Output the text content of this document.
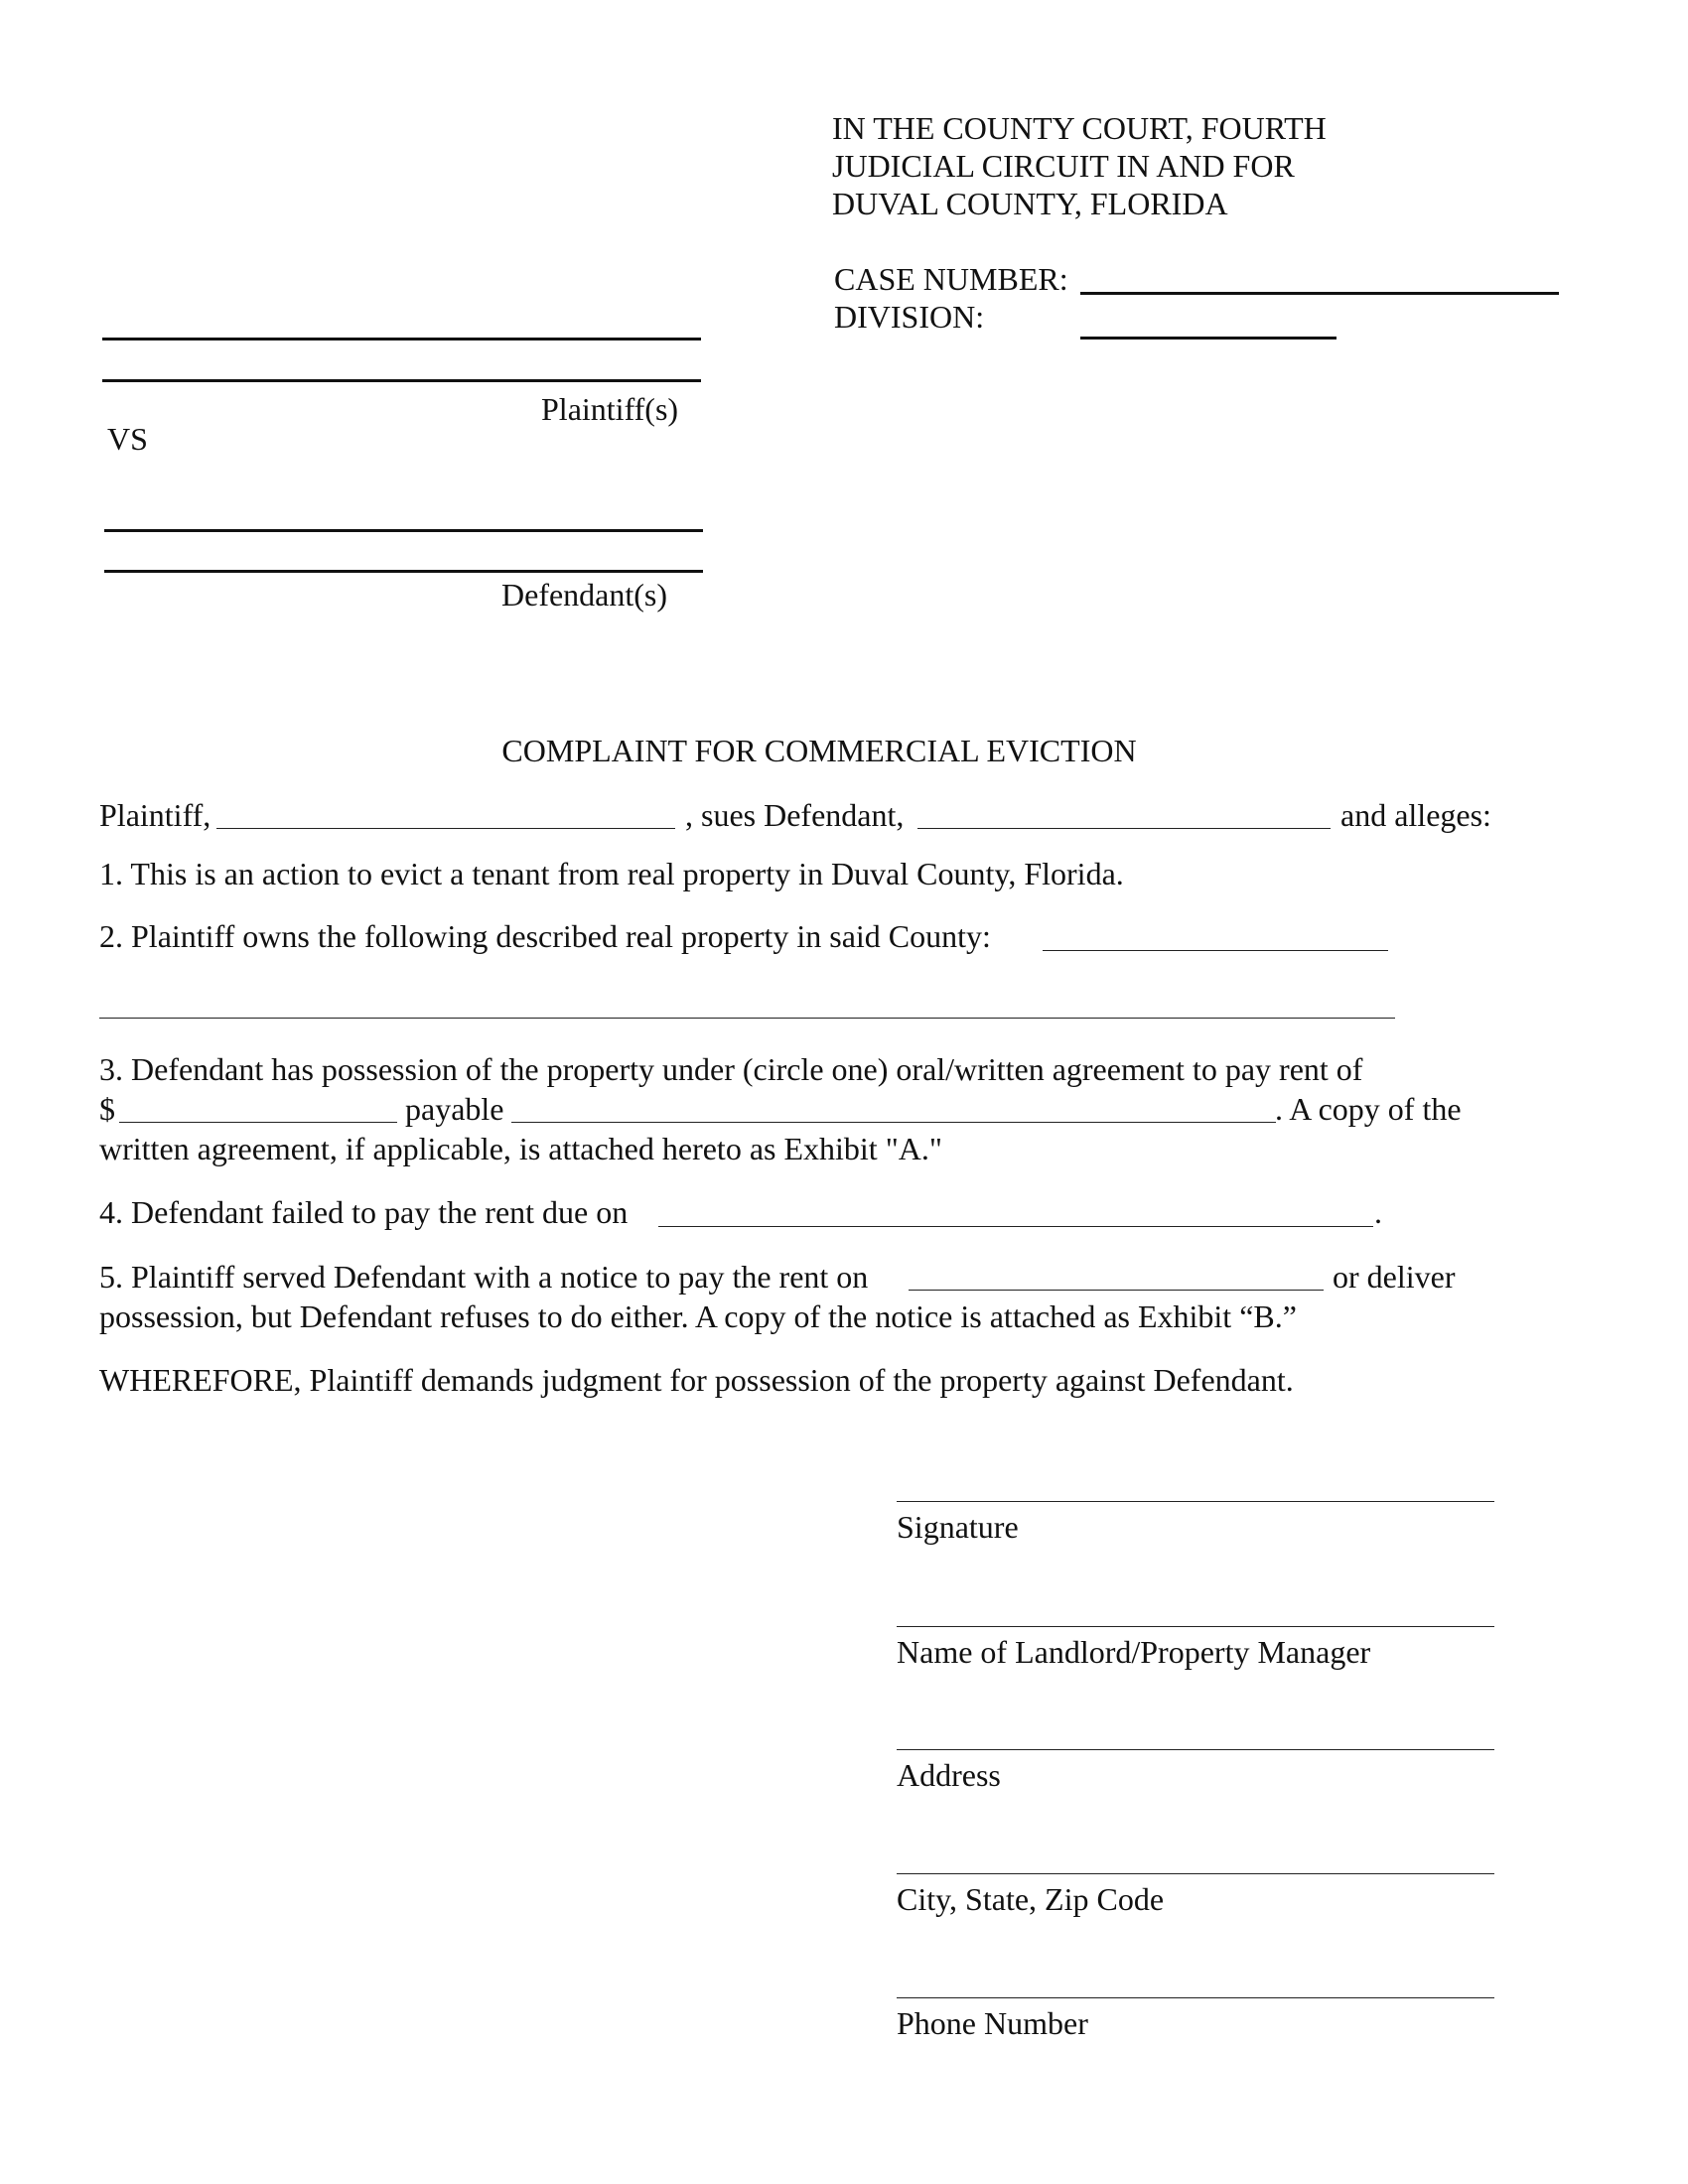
IN THE COUNTY COURT, FOURTH
JUDICIAL CIRCUIT IN AND FOR
DUVAL COUNTY, FLORIDA
CASE NUMBER:
DIVISION:
Plaintiff(s)
VS
Defendant(s)
COMPLAINT FOR COMMERCIAL EVICTION
Plaintiff,	, sues Defendant,	and alleges:
1. This is an action to evict a tenant from real property in Duval County, Florida.
2. Plaintiff owns the following described real property in said County:
3. Defendant has possession of the property under (circle one) oral/written agreement to pay rent of
$	payable	. A copy of the
written agreement, if applicable, is attached hereto as Exhibit "A."
4. Defendant failed to pay the rent due on	.
5. Plaintiff served Defendant with a notice to pay the rent on	or deliver
possession, but Defendant refuses to do either. A copy of the notice is attached as Exhibit “B.”
WHEREFORE, Plaintiff demands judgment for possession of the property against Defendant.
Signature
Name of Landlord/Property Manager
Address
City, State, Zip Code
Phone Number
